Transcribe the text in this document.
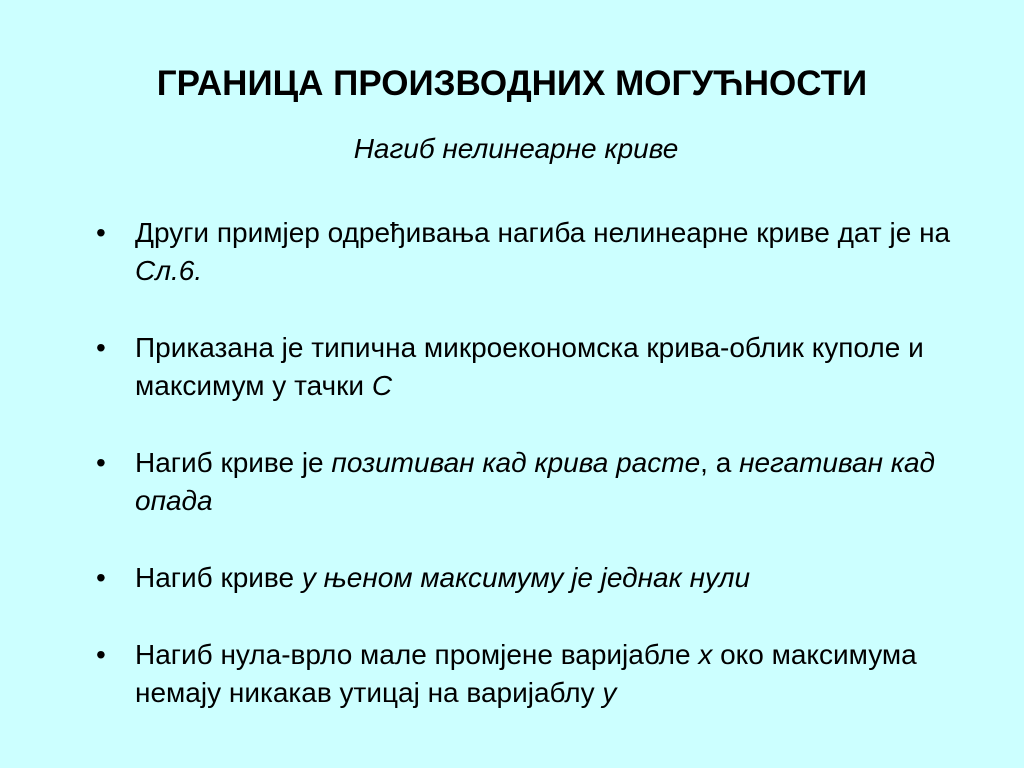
ГРАНИЦА ПРОИЗВОДНИХ МОГУЋНОСТИ

Нагиб нелинеарне криве

• Други примјер одређивања нагиба нелинеарне криве дат је на Сл.6.
• Приказана је типична микроекономска крива-облик куполе и максимум у тачки C
• Нагиб криве је позитиван кад крива расте, а негативан кад опада
• Нагиб криве у њеном максимуму је једнак нули
• Нагиб нула-врло мале промјене варијабле x око максимума немају никакав утицај на варијаблу y
